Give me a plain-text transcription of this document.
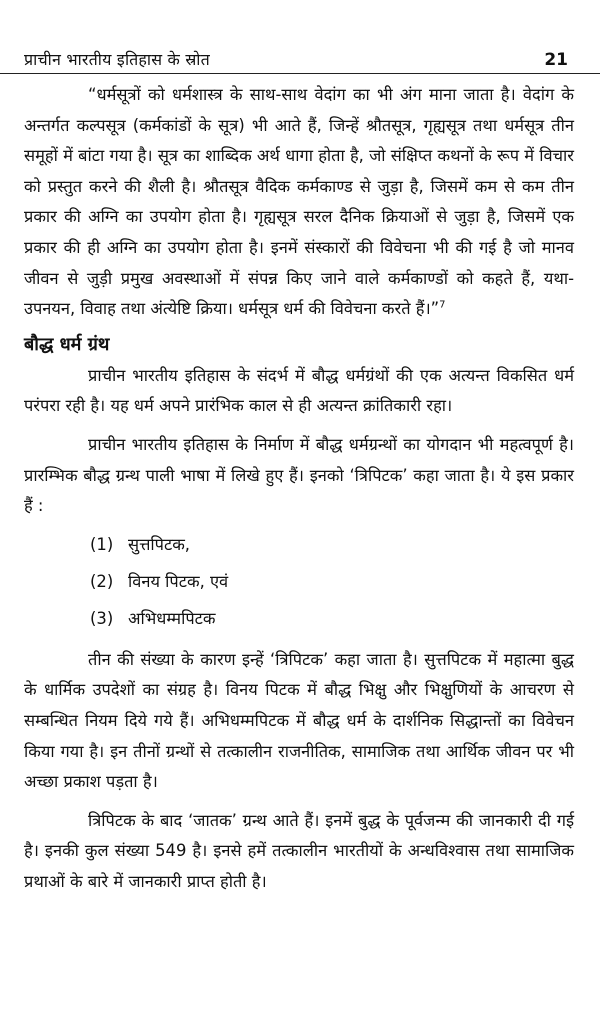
प्राचीन भारतीय इतिहास के स्रोत	21

“धर्मसूत्रों को धर्मशास्त्र के साथ-साथ वेदांग का भी अंग माना जाता है। वेदांग के अन्तर्गत कल्पसूत्र (कर्मकांडों के सूत्र) भी आते हैं, जिन्हें श्रौतसूत्र, गृह्यसूत्र तथा धर्मसूत्र तीन समूहों में बांटा गया है। सूत्र का शाब्दिक अर्थ धागा होता है, जो संक्षिप्त कथनों के रूप में विचार को प्रस्तुत करने की शैली है। श्रौतसूत्र वैदिक कर्मकाण्ड से जुड़ा है, जिसमें कम से कम तीन प्रकार की अग्नि का उपयोग होता है। गृह्यसूत्र सरल दैनिक क्रियाओं से जुड़ा है, जिसमें एक प्रकार की ही अग्नि का उपयोग होता है। इनमें संस्कारों की विवेचना भी की गई है जो मानव जीवन से जुड़ी प्रमुख अवस्थाओं में संपन्न किए जाने वाले कर्मकाण्डों को कहते हैं, यथा-उपनयन, विवाह तथा अंत्येष्टि क्रिया। धर्मसूत्र धर्म की विवेचना करते हैं।”$^7$

बौद्ध धर्म ग्रंथ

प्राचीन भारतीय इतिहास के संदर्भ में बौद्ध धर्मग्रंथों की एक अत्यन्त विकसित धर्म परंपरा रही है। यह धर्म अपने प्रारंभिक काल से ही अत्यन्त क्रांतिकारी रहा।

प्राचीन भारतीय इतिहास के निर्माण में बौद्ध धर्मग्रन्थों का योगदान भी महत्वपूर्ण है। प्रारम्भिक बौद्ध ग्रन्थ पाली भाषा में लिखे हुए हैं। इनको ‘त्रिपिटक’ कहा जाता है। ये इस प्रकार हैं :

(1) सुत्तपिटक,
(2) विनय पिटक, एवं
(3) अभिधम्मपिटक

तीन की संख्या के कारण इन्हें ‘त्रिपिटक’ कहा जाता है। सुत्तपिटक में महात्मा बुद्ध के धार्मिक उपदेशों का संग्रह है। विनय पिटक में बौद्ध भिक्षु और भिक्षुणियों के आचरण से सम्बन्धित नियम दिये गये हैं। अभिधम्मपिटक में बौद्ध धर्म के दार्शनिक सिद्धान्तों का विवेचन किया गया है। इन तीनों ग्रन्थों से तत्कालीन राजनीतिक, सामाजिक तथा आर्थिक जीवन पर भी अच्छा प्रकाश पड़ता है।

त्रिपिटक के बाद ‘जातक’ ग्रन्थ आते हैं। इनमें बुद्ध के पूर्वजन्म की जानकारी दी गई है। इनकी कुल संख्या 549 है। इनसे हमें तत्कालीन भारतीयों के अन्धविश्वास तथा सामाजिक प्रथाओं के बारे में जानकारी प्राप्त होती है।
